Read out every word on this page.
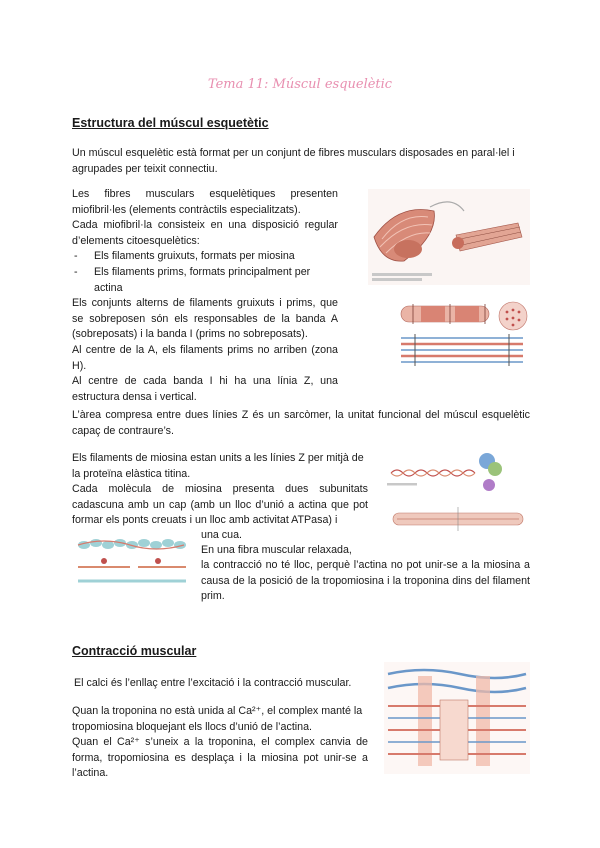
Tema 11: Múscul esquelètic
Estructura del múscul esquetètic

Un múscul esquelètic està format per un conjunt de fibres musculars disposades en paral·lel i agrupades per teixit connectiu.

Les fibres musculars esquelètiques presenten miofibril·les (elements contràctils especialitzats).

Cada miofibril·la consisteix en una disposició regular d’elements citoesquelètics:

- Els filaments gruixuts, formats per miosina

- Els filaments prims, formats principalment per actina

Els conjunts alterns de filaments gruixuts i prims, que se sobreposen són els responsables de la banda A (sobreposats) i la banda I (prims no sobreposats).

Al centre de la A, els filaments prims no arriben (zona H).

Al centre de cada banda I hi ha una línia Z, una estructura densa i vertical.

L’àrea compresa entre dues línies Z és un sarcòmer, la unitat funcional del múscul esquelètic capaç de contraure’s.

Els filaments de miosina estan units a les línies Z per mitjà de la proteïna elàstica titina.

Cada molècula de miosina presenta dues subunitats cadascuna amb un cap (amb un lloc d’unió a actina que pot formar els ponts creuats i un lloc amb activitat ATPasa) i

una cua.

En una fibra muscular relaxada,

la contracció no té lloc, perquè l’actina no pot unir-se a la miosina a causa de la posició de la tropomiosina i la troponina dins del filament prim.

Contracció muscular

El calci és l’enllaç entre l’excitació i la contracció muscular.

Quan la troponina no està unida al Ca²⁺, el complex manté la tropomiosina bloquejant els llocs d’unió de l’actina.

Quan el Ca²⁺ s’uneix a la troponina, el complex canvia de forma, tropomiosina es desplaça i la miosina pot unir-se a l’actina.
